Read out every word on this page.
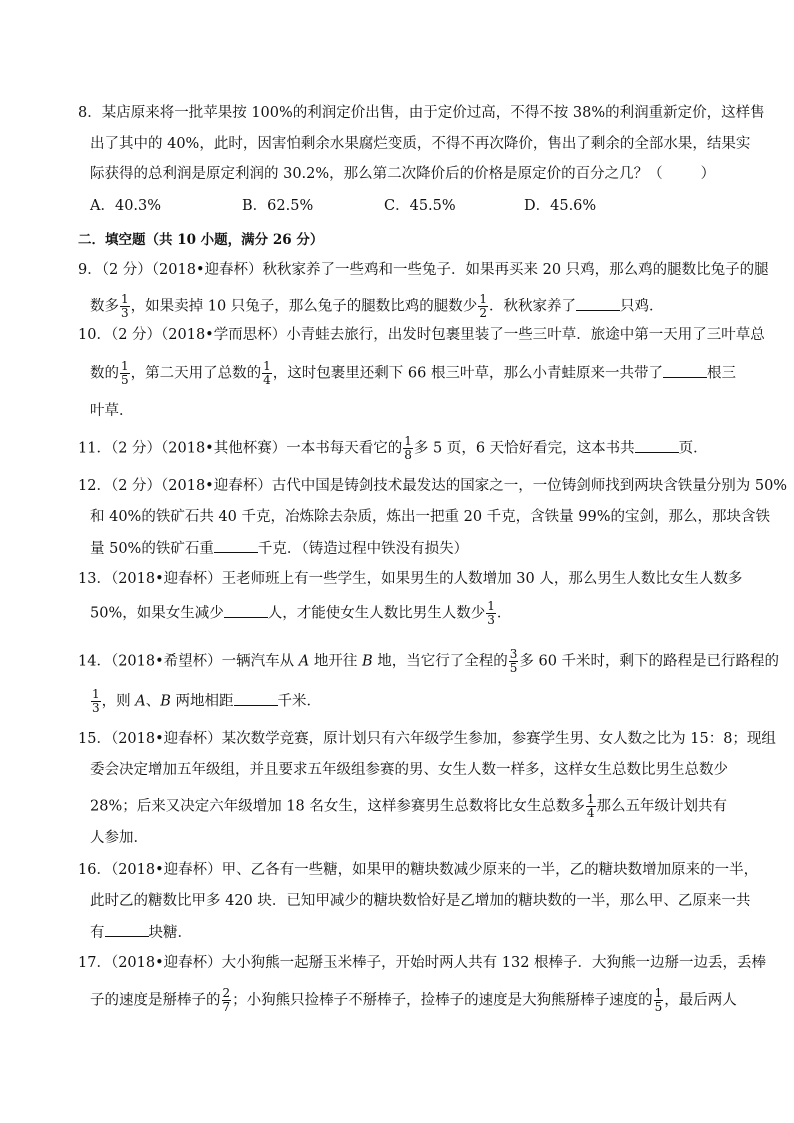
8．某店原来将一批苹果按 100%的利润定价出售，由于定价过高，不得不按 38%的利润重新定价，这样售
出了其中的 40%，此时，因害怕剩余水果腐烂变质，不得不再次降价，售出了剩余的全部水果，结果实
际获得的总利润是原定利润的 30.2%，那么第二次降价后的价格是原定价的百分之几？（	）
A．40.3%	B．62.5%	C．45.5%	D．45.6%
二．填空题（共 10 小题，满分 26 分）
9．（2 分）（2018•迎春杯）秋秋家养了一些鸡和一些兔子．如果再买来 20 只鸡，那么鸡的腿数比兔子的腿
数多 $\frac{1}{3}$ ，如果卖掉 10 只兔子，那么兔子的腿数比鸡的腿数少 $\frac{1}{2}$ ．秋秋家养了	只鸡．
10．（2 分）（2018•学而思杯）小青蛙去旅行，出发时包裹里装了一些三叶草．旅途中第一天用了三叶草总
数的 $\frac{1}{5}$ ，第二天用了总数的 $\frac{1}{4}$ ，这时包裹里还剩下 66 根三叶草，那么小青蛙原来一共带了	根三
叶草．
11．（2 分）（2018•其他杯赛）一本书每天看它的 $\frac{1}{8}$ 多 5 页，6 天恰好看完，这本书共	页．
12．（2 分）（2018•迎春杯）古代中国是铸剑技术最发达的国家之一，一位铸剑师找到两块含铁量分别为 50%
和 40%的铁矿石共 40 千克，冶炼除去杂质，炼出一把重 20 千克，含铁量 99%的宝剑，那么，那块含铁
量 50%的铁矿石重	千克．（铸造过程中铁没有损失）
13．（2018•迎春杯）王老师班上有一些学生，如果男生的人数增加 30 人，那么男生人数比女生人数多
50%，如果女生减少	人，才能使女生人数比男生人数少 $\frac{1}{3}$ ．
14．（2018•希望杯）一辆汽车从 A 地开往 B 地，当它行了全程的 $\frac{3}{5}$ 多 60 千米时，剩下的路程是已行路程的
$\frac{1}{3}$ ，则 A、B 两地相距	千米．
15．（2018•迎春杯）某次数学竞赛，原计划只有六年级学生参加，参赛学生男、女人数之比为 15：8；现组
委会决定增加五年级组，并且要求五年级组参赛的男、女生人数一样多，这样女生总数比男生总数少
28%；后来又决定六年级增加 18 名女生，这样参赛男生总数将比女生总数多 $\frac{1}{4}$ 那么五年级计划共有
人参加．
16．（2018•迎春杯）甲、乙各有一些糖，如果甲的糖块数减少原来的一半，乙的糖块数增加原来的一半，
此时乙的糖数比甲多 420 块．已知甲减少的糖块数恰好是乙增加的糖块数的一半，那么甲、乙原来一共
有	块糖．
17．（2018•迎春杯）大小狗熊一起掰玉米棒子，开始时两人共有 132 根棒子．大狗熊一边掰一边丢，丢棒
子的速度是掰棒子的 $\frac{2}{7}$ ；小狗熊只捡棒子不掰棒子，捡棒子的速度是大狗熊掰棒子速度的 $\frac{1}{5}$ ，最后两人
